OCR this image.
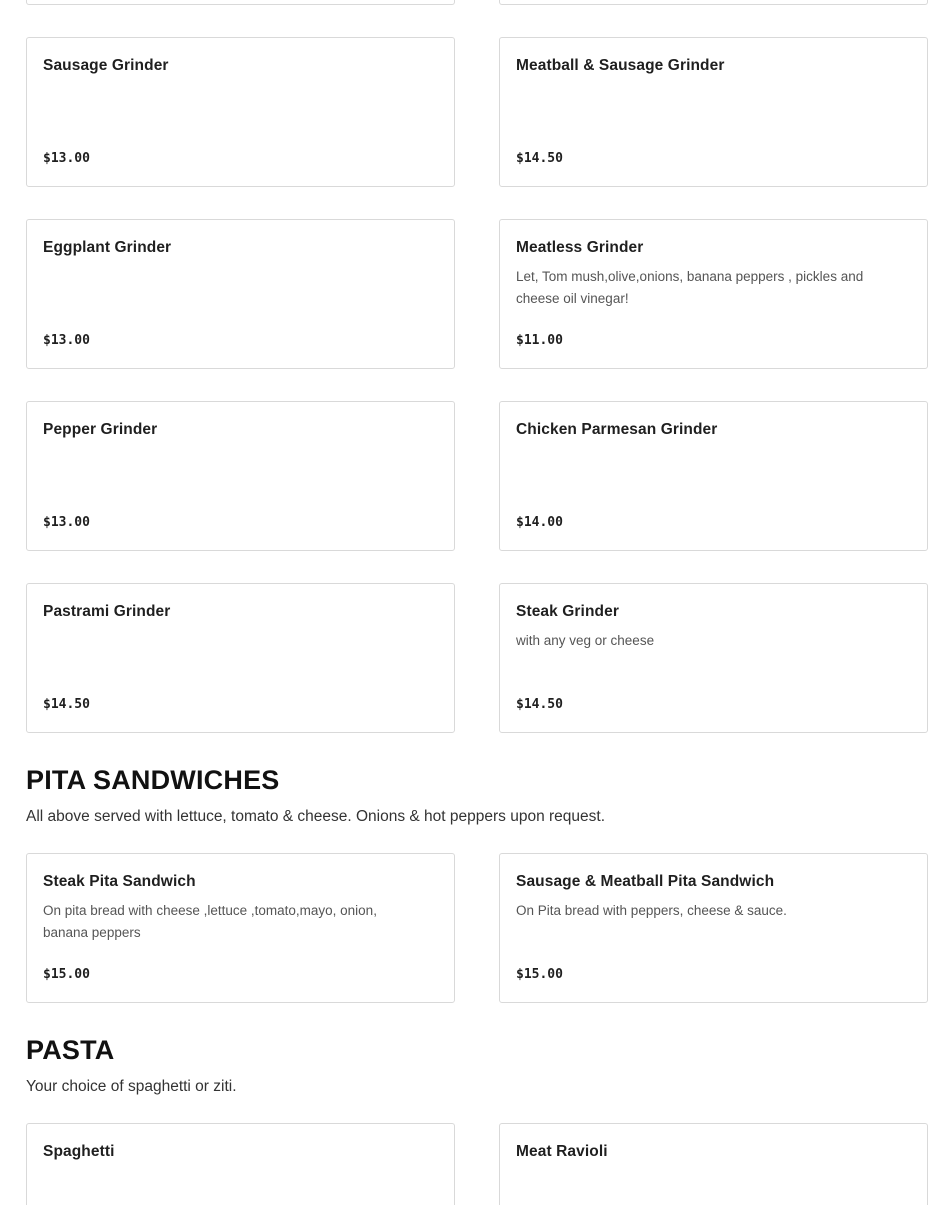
Sausage Grinder
$13.00
Meatball & Sausage Grinder
$14.50
Eggplant Grinder
$13.00
Meatless Grinder
Let, Tom mush,olive,onions, banana peppers , pickles and cheese oil vinegar!
$11.00
Pepper Grinder
$13.00
Chicken Parmesan Grinder
$14.00
Pastrami Grinder
$14.50
Steak Grinder
with any veg or cheese
$14.50
PITA SANDWICHES

All above served with lettuce, tomato & cheese. Onions & hot peppers upon request.

Steak Pita Sandwich
On pita bread with cheese ,lettuce ,tomato,mayo, onion, banana peppers
$15.00
Sausage & Meatball Pita Sandwich
On Pita bread with peppers, cheese & sauce.
$15.00
PASTA

Your choice of spaghetti or ziti.

Spaghetti	Meat Ravioli
